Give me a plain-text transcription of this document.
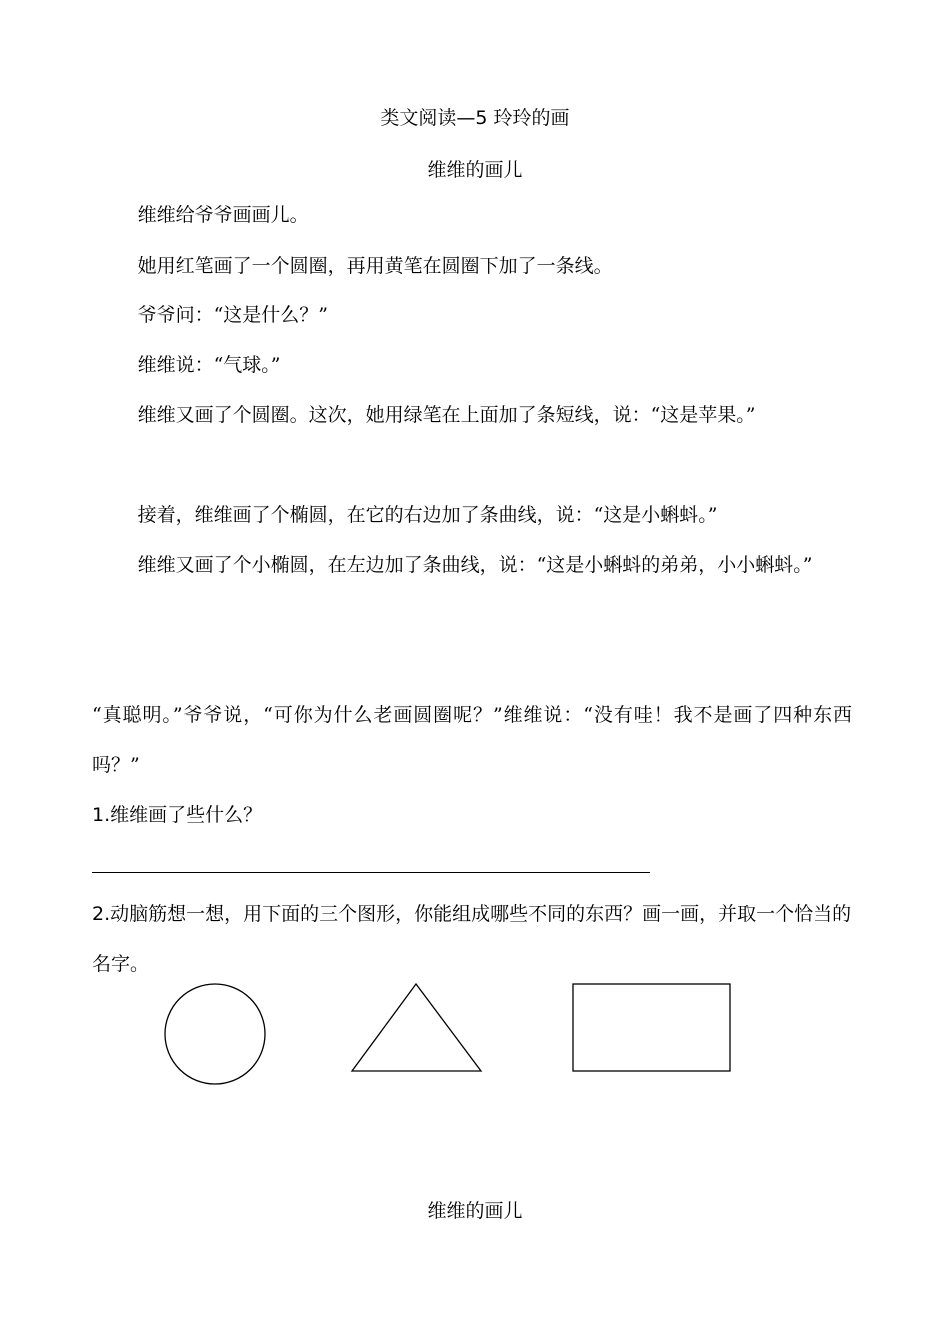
类文阅读—5 玲玲的画
维维的画儿

维维给爷爷画画儿。

她用红笔画了一个圆圈，再用黄笔在圆圈下加了一条线。

爷爷问：“这是什么？”

维维说：“气球。”

维维又画了个圆圈。这次，她用绿笔在上面加了条短线，说：“这是苹果。”

接着，维维画了个椭圆，在它的右边加了条曲线，说：“这是小蝌蚪。”

维维又画了个小椭圆，在左边加了条曲线，说：“这是小蝌蚪的弟弟，小小蝌蚪。”

“真聪明。”爷爷说，“可你为什么老画圆圈呢？”维维说：“没有哇！我不是画了四种东西吗？”

1.维维画了些什么？

2.动脑筋想一想，用下面的三个图形，你能组成哪些不同的东西？画一画，并取一个恰当的名字。

维维的画儿
